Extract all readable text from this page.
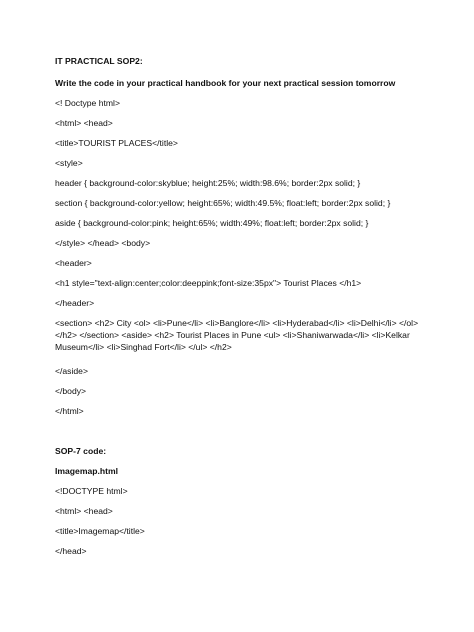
IT PRACTICAL SOP2:

Write the code in your practical handbook for your next practical session tomorrow

<! Doctype html>

<html> <head>

<title>TOURIST PLACES</title>

<style>

header { background-color:skyblue; height:25%; width:98.6%; border:2px solid; }

section { background-color:yellow; height:65%; width:49.5%; float:left; border:2px solid; }

aside { background-color:pink; height:65%; width:49%; float:left; border:2px solid; }

</style> </head> <body>

<header>

<h1 style="text-align:center;color:deeppink;font-size:35px"> Tourist Places </h1>

</header>

<section> <h2> City <ol> <li>Pune</li> <li>Banglore</li> <li>Hyderabad</li> <li>Delhi</li> </ol> </h2> </section> <aside> <h2> Tourist Places in Pune <ul> <li>Shaniwarwada</li> <li>Kelkar Museum</li> <li>Singhad Fort</li> </ul> </h2>

</aside>

</body>

</html>

SOP-7 code:

Imagemap.html

<!DOCTYPE html>

<html> <head>

<title>Imagemap</title>

</head>
